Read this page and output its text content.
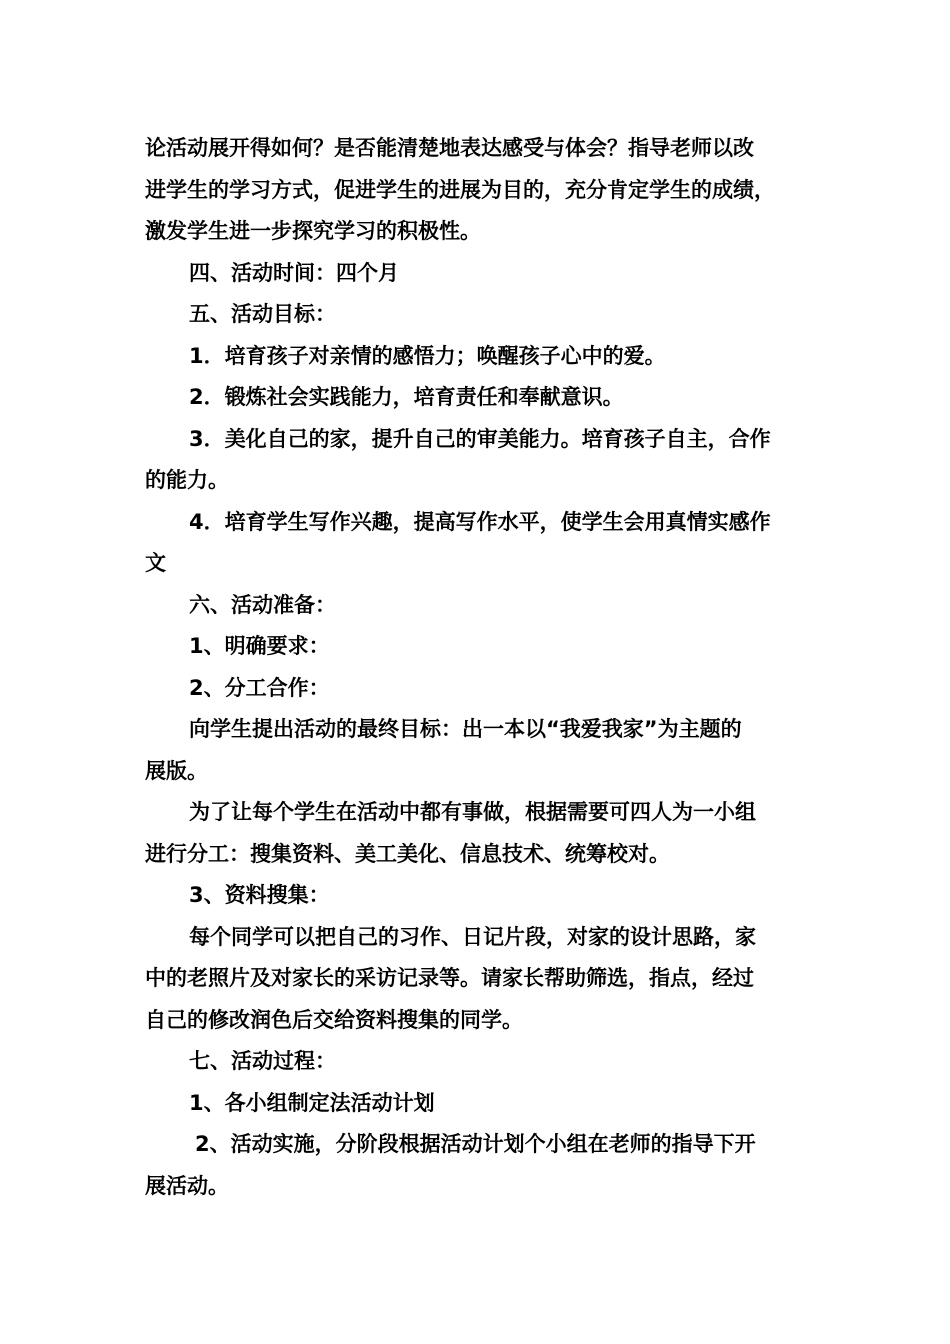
论活动展开得如何？是否能清楚地表达感受与体会？指导老师以改
进学生的学习方式，促进学生的进展为目的，充分肯定学生的成绩，
激发学生进一步探究学习的积极性。
四、活动时间：四个月
五、活动目标：
1．培育孩子对亲情的感悟力；唤醒孩子心中的爱。
2．锻炼社会实践能力，培育责任和奉献意识。
3．美化自己的家，提升自己的审美能力。培育孩子自主，合作
的能力。
4．培育学生写作兴趣，提高写作水平，使学生会用真情实感作
文
六、活动准备：
1、明确要求：
2、分工合作：
向学生提出活动的最终目标：出一本以“我爱我家”为主题的
展版。
为了让每个学生在活动中都有事做，根据需要可四人为一小组
进行分工：搜集资料、美工美化、信息技术、统筹校对。
3、资料搜集：
每个同学可以把自己的习作、日记片段，对家的设计思路，家
中的老照片及对家长的采访记录等。请家长帮助筛选，指点，经过
自己的修改润色后交给资料搜集的同学。
七、活动过程：
1、各小组制定法活动计划
2、活动实施，分阶段根据活动计划个小组在老师的指导下开
展活动。
